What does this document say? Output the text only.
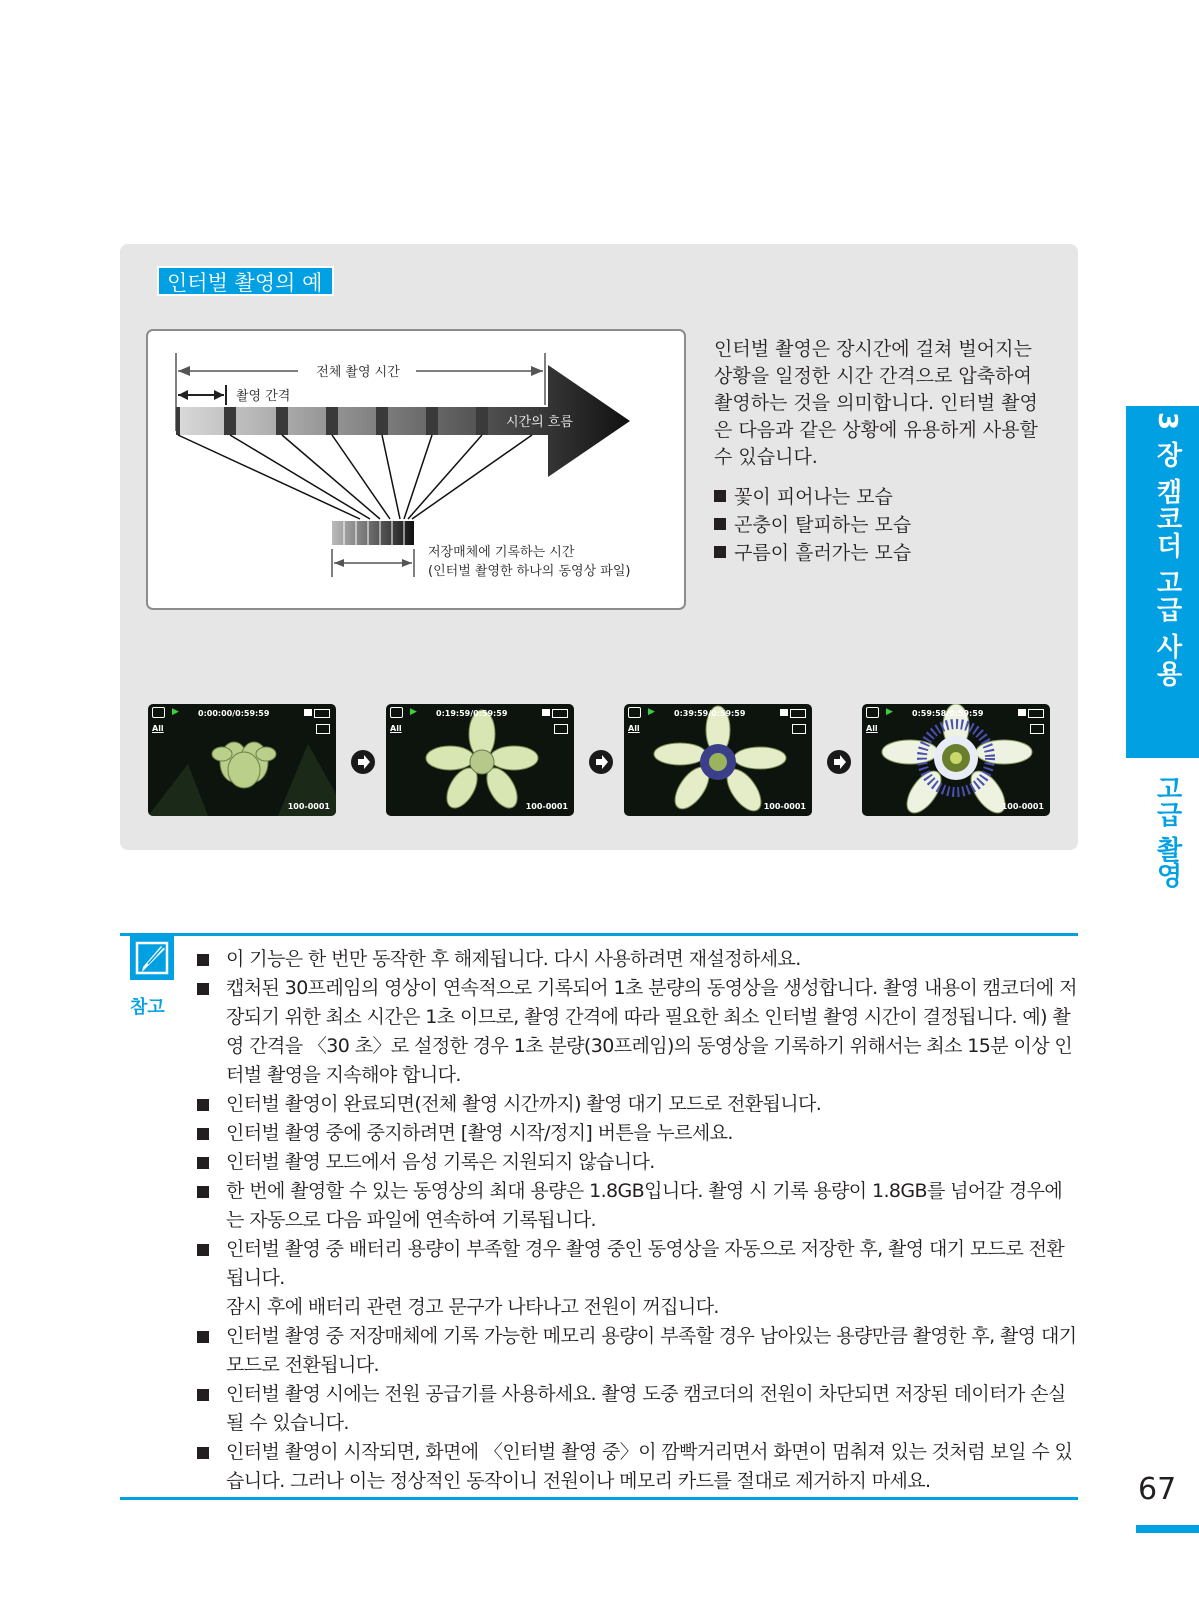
인터벌 촬영의 예
전체 촬영 시간
촬영 간격
시간의 흐름
저장매체에 기록하는 시간
(인터벌 촬영한 하나의 동영상 파일)

인터벌 촬영은 장시간에 걸쳐 벌어지는 상황을 일정한 시간 간격으로 압축하여 촬영하는 것을 의미합니다. 인터벌 촬영은 다음과 같은 상황에 유용하게 사용할 수 있습니다.

꽃이 피어나는 모습
곤충이 탈피하는 모습
구름이 흘러가는 모습
▶ 0:00:00/0:59:59
All
100-0001
▶ 0:19:59/0:59:59
All
100-0001
▶ 0:39:59/0:59:59
All
100-0001
▶ 0:59:58/0:59:59
All
100-0001
3 장 캠코더 고급 사용
고급 촬영
참고
이 기능은 한 번만 동작한 후 해제됩니다. 다시 사용하려면 재설정하세요.
캡처된 30프레임의 영상이 연속적으로 기록되어 1초 분량의 동영상을 생성합니다. 촬영 내용이 캠코더에 저장되기 위한 최소 시간은 1초 이므로, 촬영 간격에 따라 필요한 최소 인터벌 촬영 시간이 결정됩니다. 예) 촬영 간격을 〈30 초〉로 설정한 경우 1초 분량(30프레임)의 동영상을 기록하기 위해서는 최소 15분 이상 인터벌 촬영을 지속해야 합니다.
인터벌 촬영이 완료되면(전체 촬영 시간까지) 촬영 대기 모드로 전환됩니다.
인터벌 촬영 중에 중지하려면 [촬영 시작/정지] 버튼을 누르세요.
인터벌 촬영 모드에서 음성 기록은 지원되지 않습니다.
한 번에 촬영할 수 있는 동영상의 최대 용량은 1.8GB입니다. 촬영 시 기록 용량이 1.8GB를 넘어갈 경우에는 자동으로 다음 파일에 연속하여 기록됩니다.
인터벌 촬영 중 배터리 용량이 부족할 경우 촬영 중인 동영상을 자동으로 저장한 후, 촬영 대기 모드로 전환됩니다.
잠시 후에 배터리 관련 경고 문구가 나타나고 전원이 꺼집니다.
인터벌 촬영 중 저장매체에 기록 가능한 메모리 용량이 부족할 경우 남아있는 용량만큼 촬영한 후, 촬영 대기 모드로 전환됩니다.
인터벌 촬영 시에는 전원 공급기를 사용하세요. 촬영 도중 캠코더의 전원이 차단되면 저장된 데이터가 손실될 수 있습니다.
인터벌 촬영이 시작되면, 화면에 〈인터벌 촬영 중〉이 깜빡거리면서 화면이 멈춰져 있는 것처럼 보일 수 있습니다. 그러나 이는 정상적인 동작이니 전원이나 메모리 카드를 절대로 제거하지 마세요.	67
